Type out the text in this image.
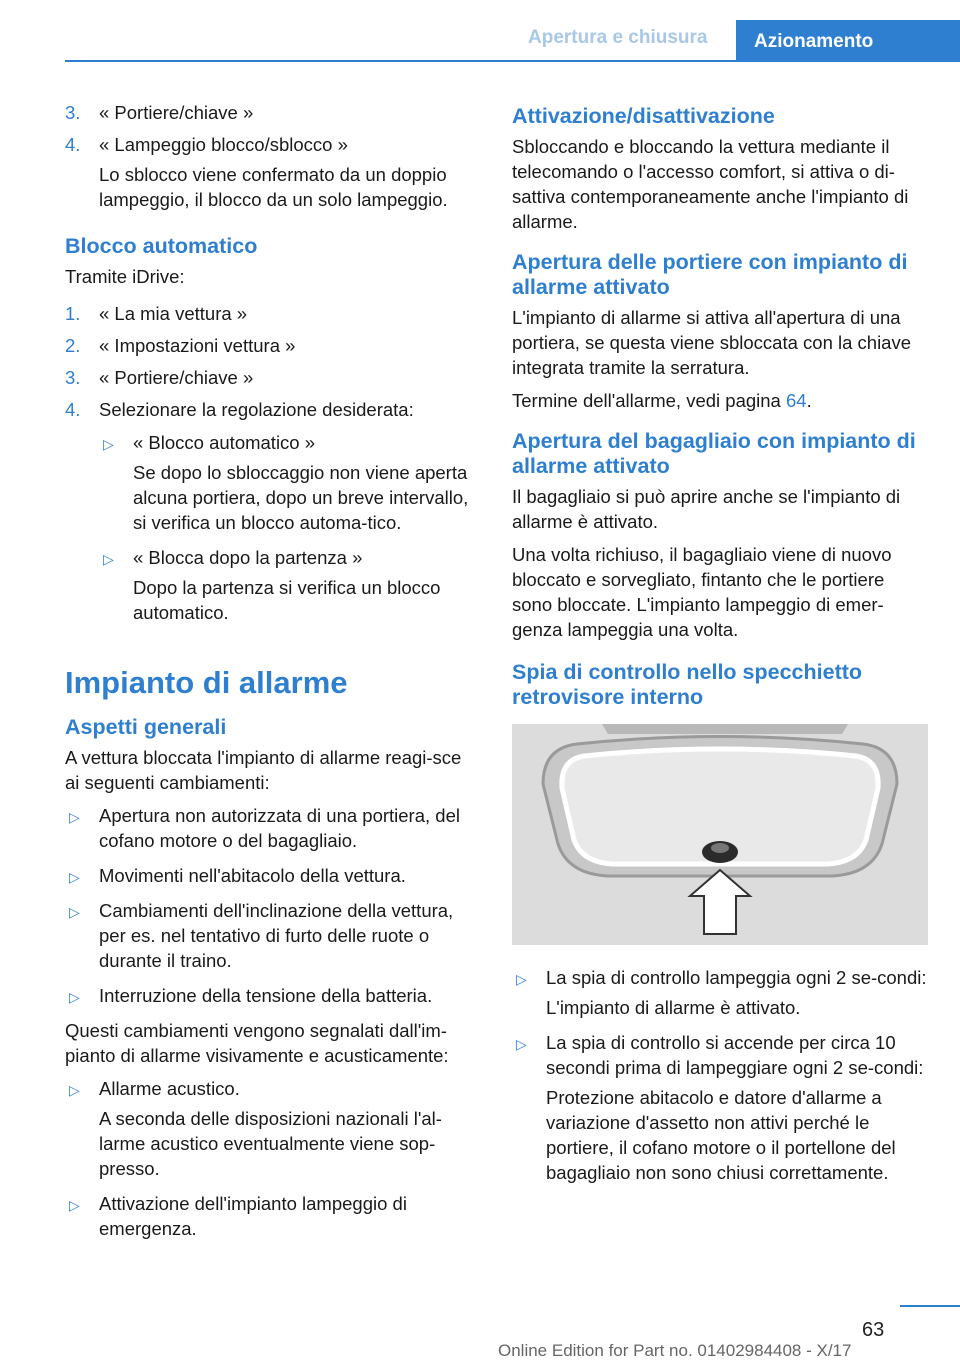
Apertura e chiusura	Azionamento
3. « Portiere/chiave »
4. « Lampeggio blocco/sblocco »
Lo sblocco viene confermato da un doppio lampeggio, il blocco da un solo lampeggio.
Blocco automatico
Tramite iDrive:
1. « La mia vettura »
2. « Impostazioni vettura »
3. « Portiere/chiave »
4. Selezionare la regolazione desiderata:
▷ « Blocco automatico »
Se dopo lo sbloccaggio non viene aperta alcuna portiera, dopo un breve intervallo, si verifica un blocco automa-tico.
▷ « Blocca dopo la partenza »
Dopo la partenza si verifica un blocco automatico.
Impianto di allarme
Aspetti generali
A vettura bloccata l'impianto di allarme reagi-sce ai seguenti cambiamenti:
▷ Apertura non autorizzata di una portiera, del cofano motore o del bagagliaio.
▷ Movimenti nell'abitacolo della vettura.
▷ Cambiamenti dell'inclinazione della vettura, per es. nel tentativo di furto delle ruote o durante il traino.
▷ Interruzione della tensione della batteria.
Questi cambiamenti vengono segnalati dall'im-pianto di allarme visivamente e acusticamente:
▷ Allarme acustico.
A seconda delle disposizioni nazionali l'al-larme acustico eventualmente viene sop-presso.
▷ Attivazione dell'impianto lampeggio di emergenza.
Attivazione/disattivazione
Sbloccando e bloccando la vettura mediante il telecomando o l'accesso comfort, si attiva o di-sattiva contemporaneamente anche l'impianto di allarme.
Apertura delle portiere con impianto di allarme attivato
L'impianto di allarme si attiva all'apertura di una portiera, se questa viene sbloccata con la chiave integrata tramite la serratura.
Termine dell'allarme, vedi pagina 64.
Apertura del bagagliaio con impianto di allarme attivato
Il bagagliaio si può aprire anche se l'impianto di allarme è attivato.
Una volta richiuso, il bagagliaio viene di nuovo bloccato e sorvegliato, fintanto che le portiere sono bloccate. L'impianto lampeggio di emer-genza lampeggia una volta.
Spia di controllo nello specchietto retrovisore interno
▷ La spia di controllo lampeggia ogni 2 se-condi:
L'impianto di allarme è attivato.
▷ La spia di controllo si accende per circa 10 secondi prima di lampeggiare ogni 2 se-condi:
Protezione abitacolo e datore d'allarme a variazione d'assetto non attivi perché le portiere, il cofano motore o il portellone del bagagliaio non sono chiusi correttamente.
63
Online Edition for Part no. 01402984408 - X/17
